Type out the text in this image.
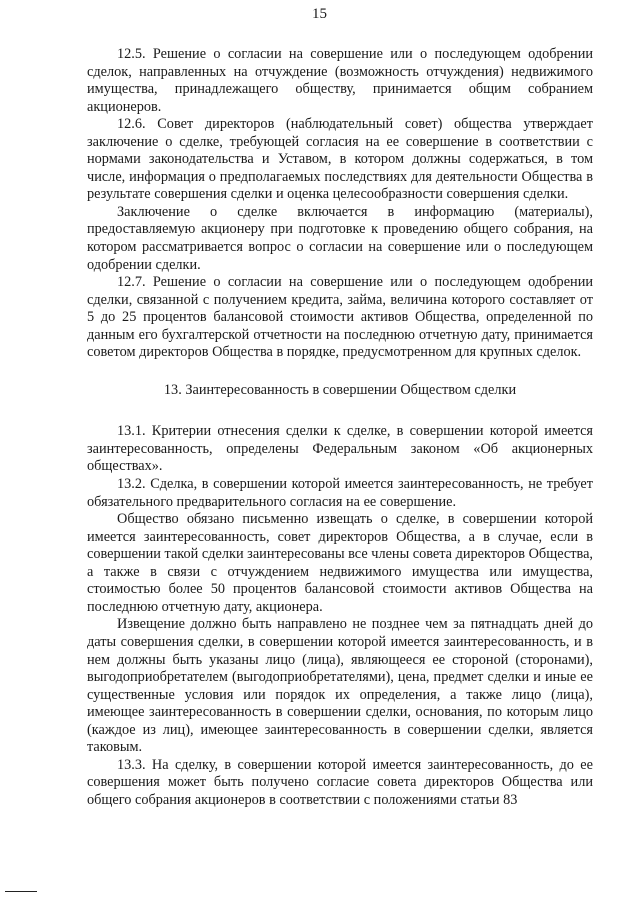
15

12.5. Решение о согласии на совершение или о последующем одобрении сделок, направленных на отчуждение (возможность отчуждения) недвижимого имущества, принадлежащего обществу, принимается общим собранием акционеров.

12.6. Совет директоров (наблюдательный совет) общества утверждает заключение о сделке, требующей согласия на ее совершение в соответствии с нормами законодательства и Уставом, в котором должны содержаться, в том числе, информация о предполагаемых последствиях для деятельности Общества в результате совершения сделки и оценка целесообразности совершения сделки.

Заключение о сделке включается в информацию (материалы), предоставляемую акционеру при подготовке к проведению общего собрания, на котором рассматривается вопрос о согласии на совершение или о последующем одобрении сделки.

12.7. Решение о согласии на совершение или о последующем одобрении сделки, связанной с получением кредита, займа, величина которого составляет от 5 до 25 процентов балансовой стоимости активов Общества, определенной по данным его бухгалтерской отчетности на последнюю отчетную дату, принимается советом директоров Общества в порядке, предусмотренном для крупных сделок.

13. Заинтересованность в совершении Обществом сделки

13.1. Критерии отнесения сделки к сделке, в совершении которой имеется заинтересованность, определены Федеральным законом «Об акционерных обществах».

13.2. Сделка, в совершении которой имеется заинтересованность, не требует обязательного предварительного согласия на ее совершение.

Общество обязано письменно извещать о сделке, в совершении которой имеется заинтересованность, совет директоров Общества, а в случае, если в совершении такой сделки заинтересованы все члены совета директоров Общества, а также в связи с отчуждением недвижимого имущества или имущества, стоимостью более 50 процентов балансовой стоимости активов Общества на последнюю отчетную дату, акционера.

Извещение должно быть направлено не позднее чем за пятнадцать дней до даты совершения сделки, в совершении которой имеется заинтересованность, и в нем должны быть указаны лицо (лица), являющееся ее стороной (сторонами), выгодоприобретателем (выгодоприобретателями), цена, предмет сделки и иные ее существенные условия или порядок их определения, а также лицо (лица), имеющее заинтересованность в совершении сделки, основания, по которым лицо (каждое из лиц), имеющее заинтересованность в совершении сделки, является таковым.

13.3. На сделку, в совершении которой имеется заинтересованность, до ее совершения может быть получено согласие совета директоров Общества или общего собрания акционеров в соответствии с положениями статьи 83
